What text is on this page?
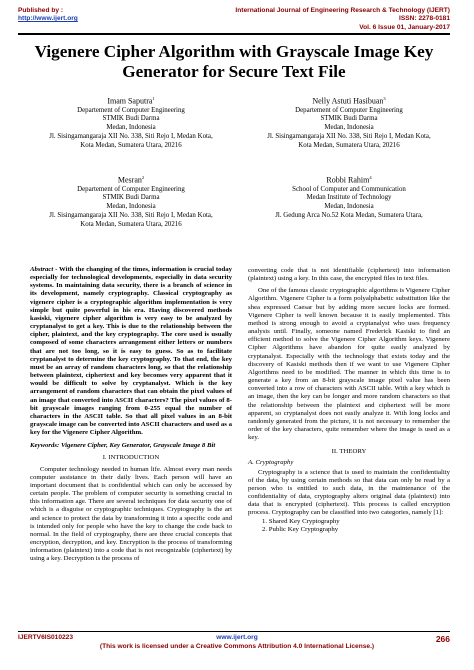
Published by :
http://www.ijert.org
International Journal of Engineering Research & Technology (IJERT)
ISSN: 2278-0181
Vol. 6 Issue 01, January-2017
Vigenere Cipher Algorithm with Grayscale Image Key Generator for Secure Text File
Imam Saputra$^1$
Departement of Computer Engineering
STMIK Budi Darma
Medan, Indonesia
Jl. Sisingamangaraja XII No. 338, Siti Rejo I, Medan Kota,
Kota Medan, Sumatera Utara, 20216
Nelly Astuti Hasibuan$^3$
Departement of Computer Engineering
STMIK Budi Darma
Medan, Indonesia
Jl. Sisingamangaraja XII No. 338, Siti Rejo I, Medan Kota,
Kota Medan, Sumatera Utara, 20216
Mesran$^2$
Departement of Computer Engineering
STMIK Budi Darma
Medan, Indonesia
Jl. Sisingamangaraja XII No. 338, Siti Rejo I, Medan Kota,
Kota Medan, Sumatera Utara, 20216
Robbi Rahim$^4$
School of Computer and Communication
Medan Institute of Technology
Medan, Indonesia
Jl. Gedung Arca No.52 Kota Medan, Sumatera Utara,

Abstract - With the changing of the times, information is crucial today especially for technological developments, especially in data security systems. In maintaining data security, there is a branch of science in its development, namely cryptography. Classical cryptography as vigenere cipher is a cryptographic algorithm implementation is very simple but quite powerful in his era. Having discovered methods kasiski, vigenere cipher algorithm is very easy to be analyzed by cryptanalyst to get a key. This is due to the relationship between the cipher, plaintext, and the key cryptography. The core used is usually composed of some characters arrangement either letters or numbers that are not too long, so it is easy to guess. So as to facilitate cryptanalyst to determine the key cryptography. To that end, the key must be an array of random characters long, so that the relationship between plaintext, ciphertext and key becomes very apparent that it would be difficult to solve by cryptanalyst. Which is the key arrangement of random characters that can obtain the pixel values of an image that converted into ASCII characters? The pixel values of 8-bit grayscale images ranging from 0-255 equal the number of characters in the ASCII table. So that all pixel values in an 8-bit grayscale image can be converted into ASCII characters and used as a key for the Vigenere Cipher Algorithm.

Keywords: Vigenere Cipher, Key Generator, Grayscale Image 8 Bit

I. INTRODUCTION

Computer technology needed in human life. Almost every man needs computer assistance in their daily lives. Each person will have an important document that is confidential which can only be accessed by certain people. The problem of computer security is something crucial in this information age. There are several techniques for data security one of which is a disguise or cryptographic techniques. Cryptography is the art and science to protect the data by transforming it into a specific code and is intended only for people who have the key to change the code back to normal. In the field of cryptography, there are three crucial concepts that encryption, decryption, and key. Encryption is the process of transforming information (plaintext) into a code that is not recognizable (ciphertext) by using a key. Decryption is the process of

converting code that is not identifiable (ciphertext) into information (plaintext) using a key. In this case, the encrypted files in text files.

One of the famous classic cryptographic algorithms is Vigenere Cipher Algorithm. Vigenere Cipher is a form polyalphabetic substitution like the shea expressed Caesar but by adding more secure locks are formed. Vigenere Cipher is well known because it is easily implemented. This method is strong enough to avoid a cryptanalyst who uses frequency analysis until. Finally, someone named Frederick Kasiski to find an efficient method to solve the Vigenere Cipher Algorithm keys. Vigenere Cipher Algorithms have abandon for quite easily analyzed by cryptanalyst. Especially with the technology that exists today and the discovery of Kasiski methods then if we want to use Vigenere Cipher Algorithms need to be modified. The manner in which this time is to generate a key from an 8-bit grayscale image pixel value has been converted into a row of characters with ASCII table. With a key which is an image, then the key can be longer and more random characters so that the relationship between the plaintext and ciphertext will be more apparent, so cryptanalyst does not easily analyze it. With long locks and randomly generated from the picture, it is not necessary to remember the order of the key characters, quite remember where the image is used as a key.

II. THEORY
A. Cryptography

Cryptography is a science that is used to maintain the confidentiality of the data, by using certain methods so that data can only be read by a person who is entitled to such data, in the maintenance of the confidentiality of data, cryptography alters original data (plaintext) into data that is encrypted (ciphertext). This process is called encryption process. Cryptography can be classified into two categories, namely [1]:

1. Shared Key Cryptography
2. Public Key Cryptography
IJERTV6IS010223	www.ijert.org	266
(This work is licensed under a Creative Commons Attribution 4.0 International License.)
